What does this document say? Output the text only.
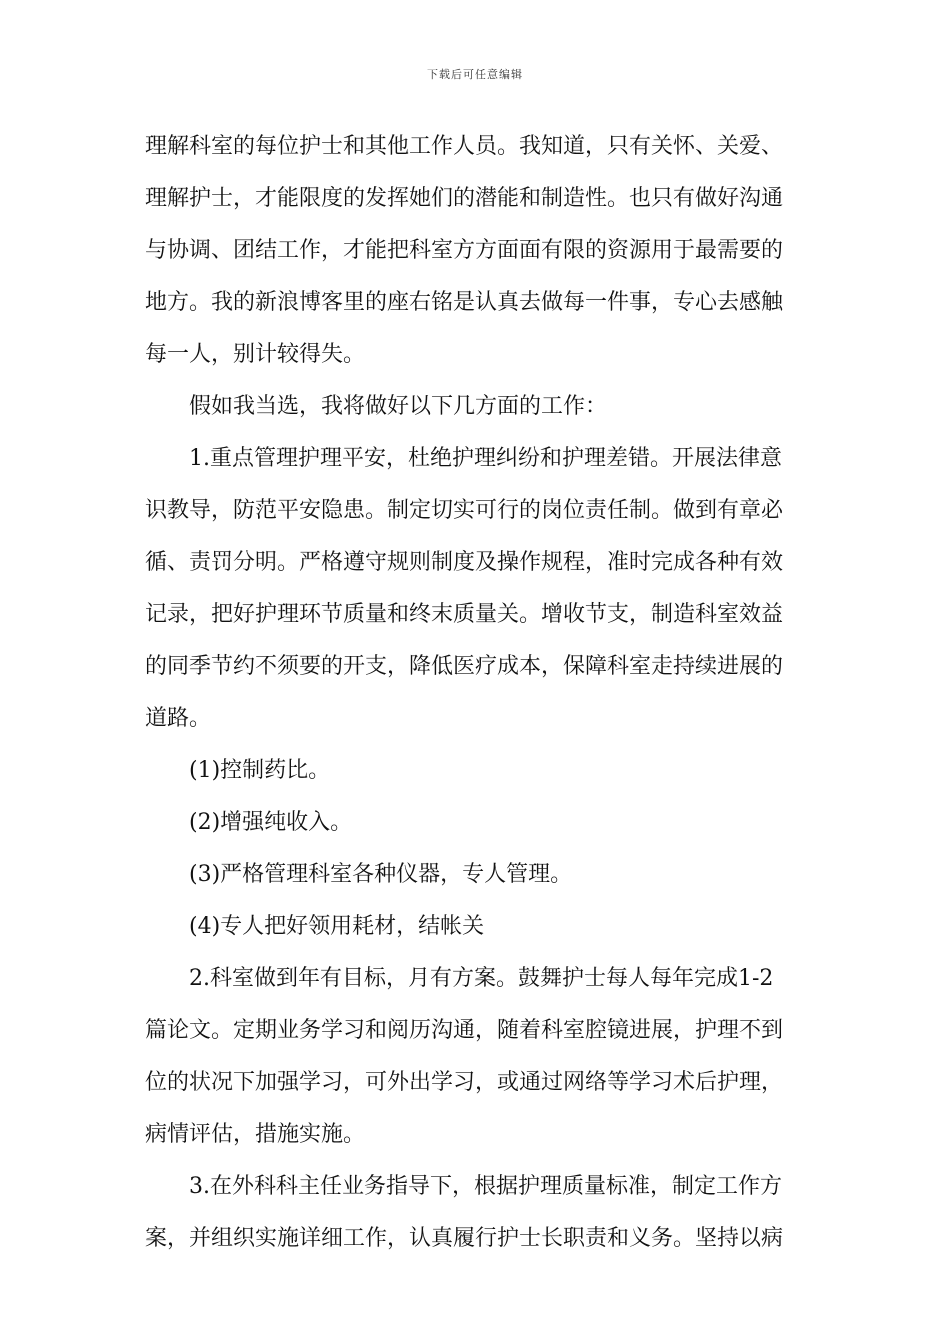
下载后可任意编辑
理解科室的每位护士和其他工作人员。我知道，只有关怀、关爱、
理解护士，才能限度的发挥她们的潜能和制造性。也只有做好沟通
与协调、团结工作，才能把科室方方面面有限的资源用于最需要的
地方。我的新浪博客里的座右铭是认真去做每一件事，专心去感触
每一人，别计较得失。
假如我当选，我将做好以下几方面的工作：
1.重点管理护理平安，杜绝护理纠纷和护理差错。开展法律意
识教导，防范平安隐患。制定切实可行的岗位责任制。做到有章必
循、责罚分明。严格遵守规则制度及操作规程，准时完成各种有效
记录，把好护理环节质量和终末质量关。增收节支，制造科室效益
的同季节约不须要的开支，降低医疗成本，保障科室走持续进展的
道路。
(1)控制药比。
(2)增强纯收入。
(3)严格管理科室各种仪器，专人管理。
(4)专人把好领用耗材，结帐关
2.科室做到年有目标，月有方案。鼓舞护士每人每年完成1-2
篇论文。定期业务学习和阅历沟通，随着科室腔镜进展，护理不到
位的状况下加强学习，可外出学习，或通过网络等学习术后护理，
病情评估，措施实施。
3.在外科科主任业务指导下，根据护理质量标准，制定工作方
案，并组织实施详细工作，认真履行护士长职责和义务。坚持以病
